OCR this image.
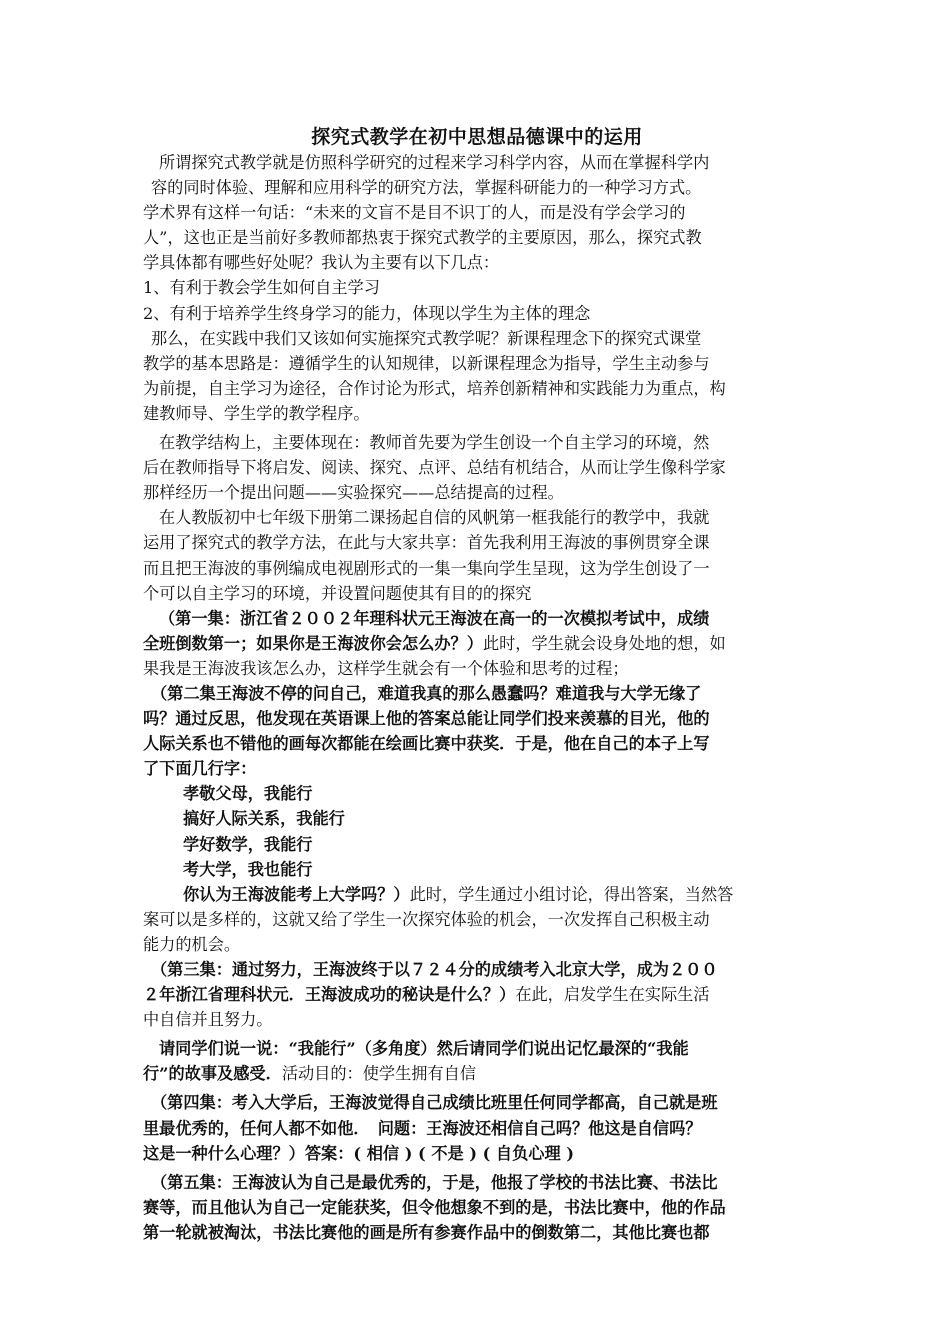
探究式教学在初中思想品德课中的运用

所谓探究式教学就是仿照科学研究的过程来学习科学内容，从而在掌握科学内
容的同时体验、理解和应用科学的研究方法，掌握科研能力的一种学习方式。
学术界有这样一句话：“未来的文盲不是目不识丁的人，而是没有学会学习的
人”，这也正是当前好多教师都热衷于探究式教学的主要原因，那么，探究式教
学具体都有哪些好处呢？我认为主要有以下几点：
1、有利于教会学生如何自主学习
2、有利于培养学生终身学习的能力，体现以学生为主体的理念

那么，在实践中我们又该如何实施探究式教学呢？新课程理念下的探究式课堂
教学的基本思路是：遵循学生的认知规律，以新课程理念为指导，学生主动参与
为前提，自主学习为途径，合作讨论为形式，培养创新精神和实践能力为重点，构
建教师导、学生学的教学程序。

在教学结构上，主要体现在：教师首先要为学生创设一个自主学习的环境，然
后在教师指导下将启发、阅读、探究、点评、总结有机结合，从而让学生像科学家
那样经历一个提出问题——实验探究——总结提高的过程。

在人教版初中七年级下册第二课扬起自信的风帆第一框我能行的教学中，我就
运用了探究式的教学方法，在此与大家共享：首先我利用王海波的事例贯穿全课
而且把王海波的事例编成电视剧形式的一集一集向学生呈现，这为学生创设了一
个可以自主学习的环境，并设置问题使其有目的的探究

（第一集：浙江省２００２年理科状元王海波在高一的一次模拟考试中，成绩
全班倒数第一；如果你是王海波你会怎么办？）此时，学生就会设身处地的想，如
果我是王海波我该怎么办，这样学生就会有一个体验和思考的过程；

（第二集王海波不停的问自己，难道我真的那么愚蠢吗？难道我与大学无缘了
吗？通过反思，他发现在英语课上他的答案总能让同学们投来羡慕的目光，他的
人际关系也不错他的画每次都能在绘画比赛中获奖．于是，他在自己的本子上写
了下面几行字：
孝敬父母，我能行
搞好人际关系，我能行
学好数学，我能行
考大学，我也能行
你认为王海波能考上大学吗？）此时，学生通过小组讨论，得出答案，当然答
案可以是多样的，这就又给了学生一次探究体验的机会，一次发挥自己积极主动
能力的机会。

（第三集：通过努力，王海波终于以７２４分的成绩考入北京大学，成为２００
２年浙江省理科状元．王海波成功的秘诀是什么？）在此，启发学生在实际生活
中自信并且努力。

请同学们说一说：“我能行”（多角度）然后请同学们说出记忆最深的“我能
行”的故事及感受．活动目的：使学生拥有自信

（第四集：考入大学后，王海波觉得自己成绩比班里任何同学都高，自己就是班
里最优秀的，任何人都不如他．　问题：王海波还相信自己吗？他这是自信吗？
这是一种什么心理？）答案：( 相信 ) ( 不是 ) ( 自负心理 )

（第五集：王海波认为自己是最优秀的，于是，他报了学校的书法比赛、书法比
赛等，而且他认为自己一定能获奖，但令他想象不到的是，书法比赛中，他的作品
第一轮就被淘汰，书法比赛他的画是所有参赛作品中的倒数第二，其他比赛也都
